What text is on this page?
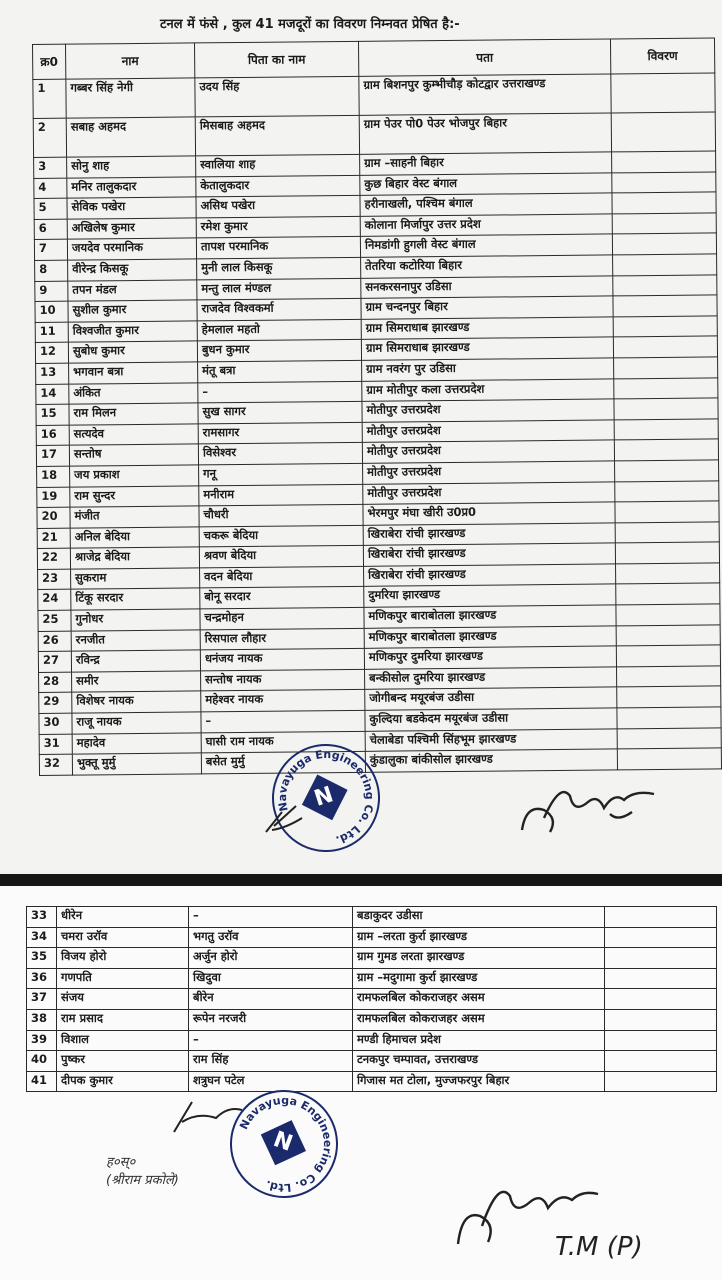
टनल में फंसे , कुल 41 मजदूरों का विवरण निम्नवत प्रेषित है:-
क्र0	नाम	पिता का नाम	पता	विवरण
1	गब्बर सिंह नेगी	उदय सिंह	ग्राम बिशनपुर कुम्भीचौड़ कोटद्वार उत्तराखण्ड	
2	सबाह अहमद	मिसबाह अहमद	ग्राम पेउर पो0 पेउर भोजपुर बिहार	
3	सोनु शाह	स्वालिया शाह	ग्राम –साहनी बिहार	
4	मनिर तालुकदार	केतालुकदार	कुछ बिहार वेस्ट बंगाल	
5	सेविक पखेरा	असिथ पखेरा	हरीनाखली, पश्चिम बंगाल	
6	अखिलेष कुमार	रमेश कुमार	कोलाना मिर्जापुर उत्तर प्रदेश	
7	जयदेव परमानिक	तापश परमानिक	निमडांगी हुगली वेस्ट बंगाल	
8	वीरेन्द्र किसकू	मुनी लाल किसकू	तेतरिया कटोरिया बिहार	
9	तपन मंडल	मन्तु लाल मंण्डल	सनकरसनापुर उडिसा	
10	सुशील कुमार	राजदेव विश्वकर्मा	ग्राम चन्दनपुर बिहार	
11	विश्वजीत कुमार	हेमलाल महतो	ग्राम सिमराधाब झारखण्ड	
12	सुबोध कुमार	बुधन कुमार	ग्राम सिमराधाब झारखण्ड	
13	भगवान बत्रा	मंतू बत्रा	ग्राम नवरंग पुर उडिसा	
14	अंकित	–	ग्राम मोतीपुर कला उत्तरप्रदेश	
15	राम मिलन	सुख सागर	मोतीपुर उत्तरप्रदेश	
16	सत्यदेव	रामसागर	मोतीपुर उत्तरप्रदेश	
17	सन्तोष	विसेश्वर	मोतीपुर उत्तरप्रदेश	
18	जय प्रकाश	गनू	मोतीपुर उत्तरप्रदेश	
19	राम सुन्दर	मनीराम	मोतीपुर उत्तरप्रदेश	
20	मंजीत	चौधरी	भेरमपुर मंघा खीरी उ0प्र0	
21	अनिल बेदिया	चकरू बेदिया	खिराबेरा रांची झारखण्ड	
22	श्राजेद्र बेदिया	श्रवण बेदिया	खिराबेरा रांची झारखण्ड	
23	सुकराम	वदन बेदिया	खिराबेरा रांची झारखण्ड	
24	टिंकू सरदार	बोनू सरदार	दुमरिया झारखण्ड	
25	गुनोधर	चन्द्रमोहन	मणिकपुर बाराबोतला झारखण्ड	
26	रनजीत	रिसपाल लौहार	मणिकपुर बाराबोतला झारखण्ड	
27	रविन्द्र	धनंजय नायक	मणिकपुर दुमरिया झारखण्ड	
28	समीर	सन्तोष नायक	बन्कीसोल दुमरिया झारखण्ड	
29	विशेषर नायक	महेश्वर नायक	जोगीबन्द मयूरबंज उडीसा	
30	राजू नायक	–	कुल्दिया बडकेदम मयूरबंज उडीसा	
31	महादेव	घासी राम नायक	चेलाबेडा पश्चिमी सिंहभूम झारखण्ड	
32	भुक्तू मुर्मु	बसेत मुर्मु	कुंडालुका बांकीसोल झारखण्ड	
Navayuga Engineering Co. Ltd.
N
33	धीरेन	–	बडाकुदर उडीसा	
34	चमरा उरॉव	भगतु उरॉव	ग्राम –लरता कुर्रा झारखण्ड	
35	विजय होरो	अर्जुन होरो	ग्राम गुमड लरता झारखण्ड	
36	गणपति	खिदुवा	ग्राम –मदुगामा कुर्रा झारखण्ड	
37	संजय	बीरेन	रामफलबिल कोकराजहर असम	
38	राम प्रसाद	रूपेन नरजरी	रामफलबिल कोकराजहर असम	
39	विशाल	–	मण्डी हिमाचल प्रदेश	
40	पुष्कर	राम सिंह	टनकपुर चम्पावत, उत्तराखण्ड	
41	दीपक कुमार	शत्रुघन पटेल	गिजास मत टोला, मुज्जफरपुर बिहार	
Navayuga Engineering Co. Ltd.
N
ह०स्०
(श्रीराम प्रकोले)
T.M (P)
